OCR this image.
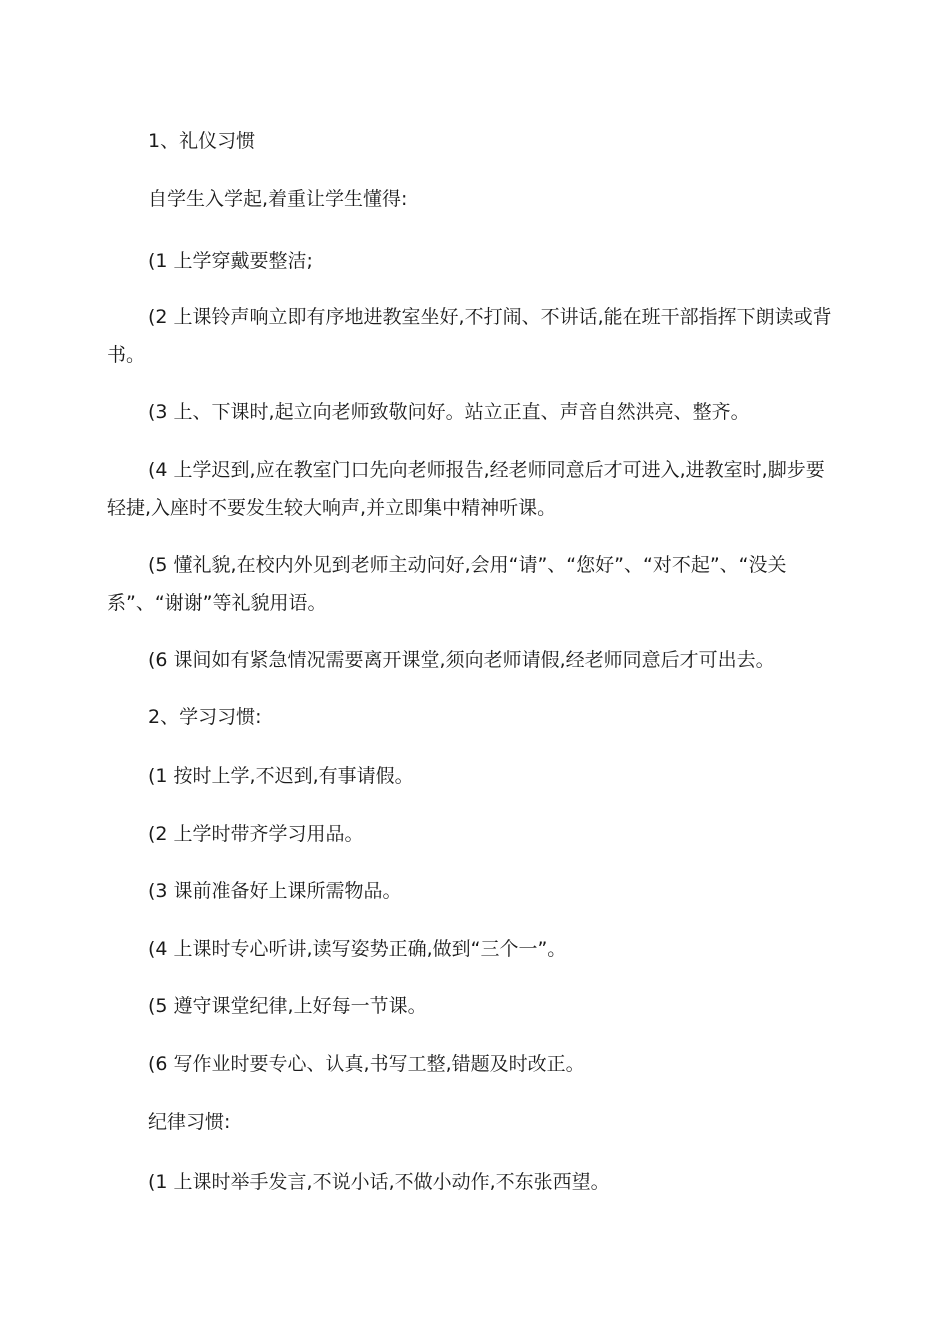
1、礼仪习惯

自学生入学起,着重让学生懂得:

(1 上学穿戴要整洁;

(2 上课铃声响立即有序地进教室坐好,不打闹、不讲话,能在班干部指挥下朗读或背书。

(3 上、下课时,起立向老师致敬问好。站立正直、声音自然洪亮、整齐。

(4 上学迟到,应在教室门口先向老师报告,经老师同意后才可进入,进教室时,脚步要轻捷,入座时不要发生较大响声,并立即集中精神听课。

(5 懂礼貌,在校内外见到老师主动问好,会用“请”、“您好”、“对不起”、“没关系”、“谢谢”等礼貌用语。

(6 课间如有紧急情况需要离开课堂,须向老师请假,经老师同意后才可出去。

2、学习习惯:

(1 按时上学,不迟到,有事请假。

(2 上学时带齐学习用品。

(3 课前准备好上课所需物品。

(4 上课时专心听讲,读写姿势正确,做到“三个一”。

(5 遵守课堂纪律,上好每一节课。

(6 写作业时要专心、认真,书写工整,错题及时改正。

纪律习惯:

(1 上课时举手发言,不说小话,不做小动作,不东张西望。
